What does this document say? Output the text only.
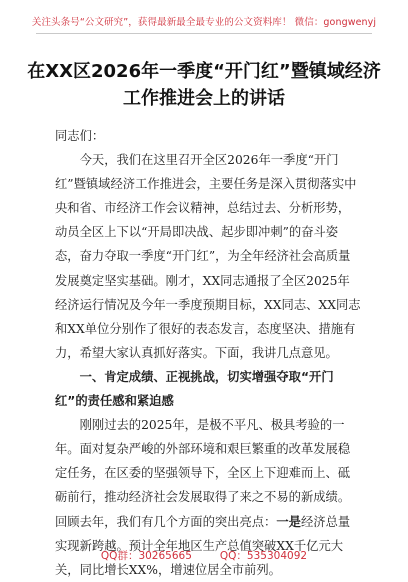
关注头条号“公文研究”，获得最新最全最专业的公文资料库！ 微信：gongwenyj
在XX区2026年一季度“开门红”暨镇域经济工作推进会上的讲话

同志们：

今天，我们在这里召开全区2026年一季度“开门红”暨镇域经济工作推进会，主要任务是深入贯彻落实中央和省、市经济工作会议精神，总结过去、分析形势，动员全区上下以“开局即决战、起步即冲刺”的奋斗姿态，奋力夺取一季度“开门红”，为全年经济社会高质量发展奠定坚实基础。刚才，XX同志通报了全区2025年经济运行情况及今年一季度预期目标，XX同志、XX同志和XX单位分别作了很好的表态发言，态度坚决、措施有力，希望大家认真抓好落实。下面，我讲几点意见。

一、肯定成绩、正视挑战，切实增强夺取“开门红”的责任感和紧迫感

刚刚过去的2025年，是极不平凡、极具考验的一年。面对复杂严峻的外部环境和艰巨繁重的改革发展稳定任务，在区委的坚强领导下，全区上下迎难而上、砥砺前行，推动经济社会发展取得了来之不易的新成绩。回顾去年，我们有几个方面的突出亮点：一是经济总量实现新跨越。预计全年地区生产总值突破XX千亿元大关，同比增长XX%，增速位居全市前列。

QQ群：30265665	QQ：535304092
